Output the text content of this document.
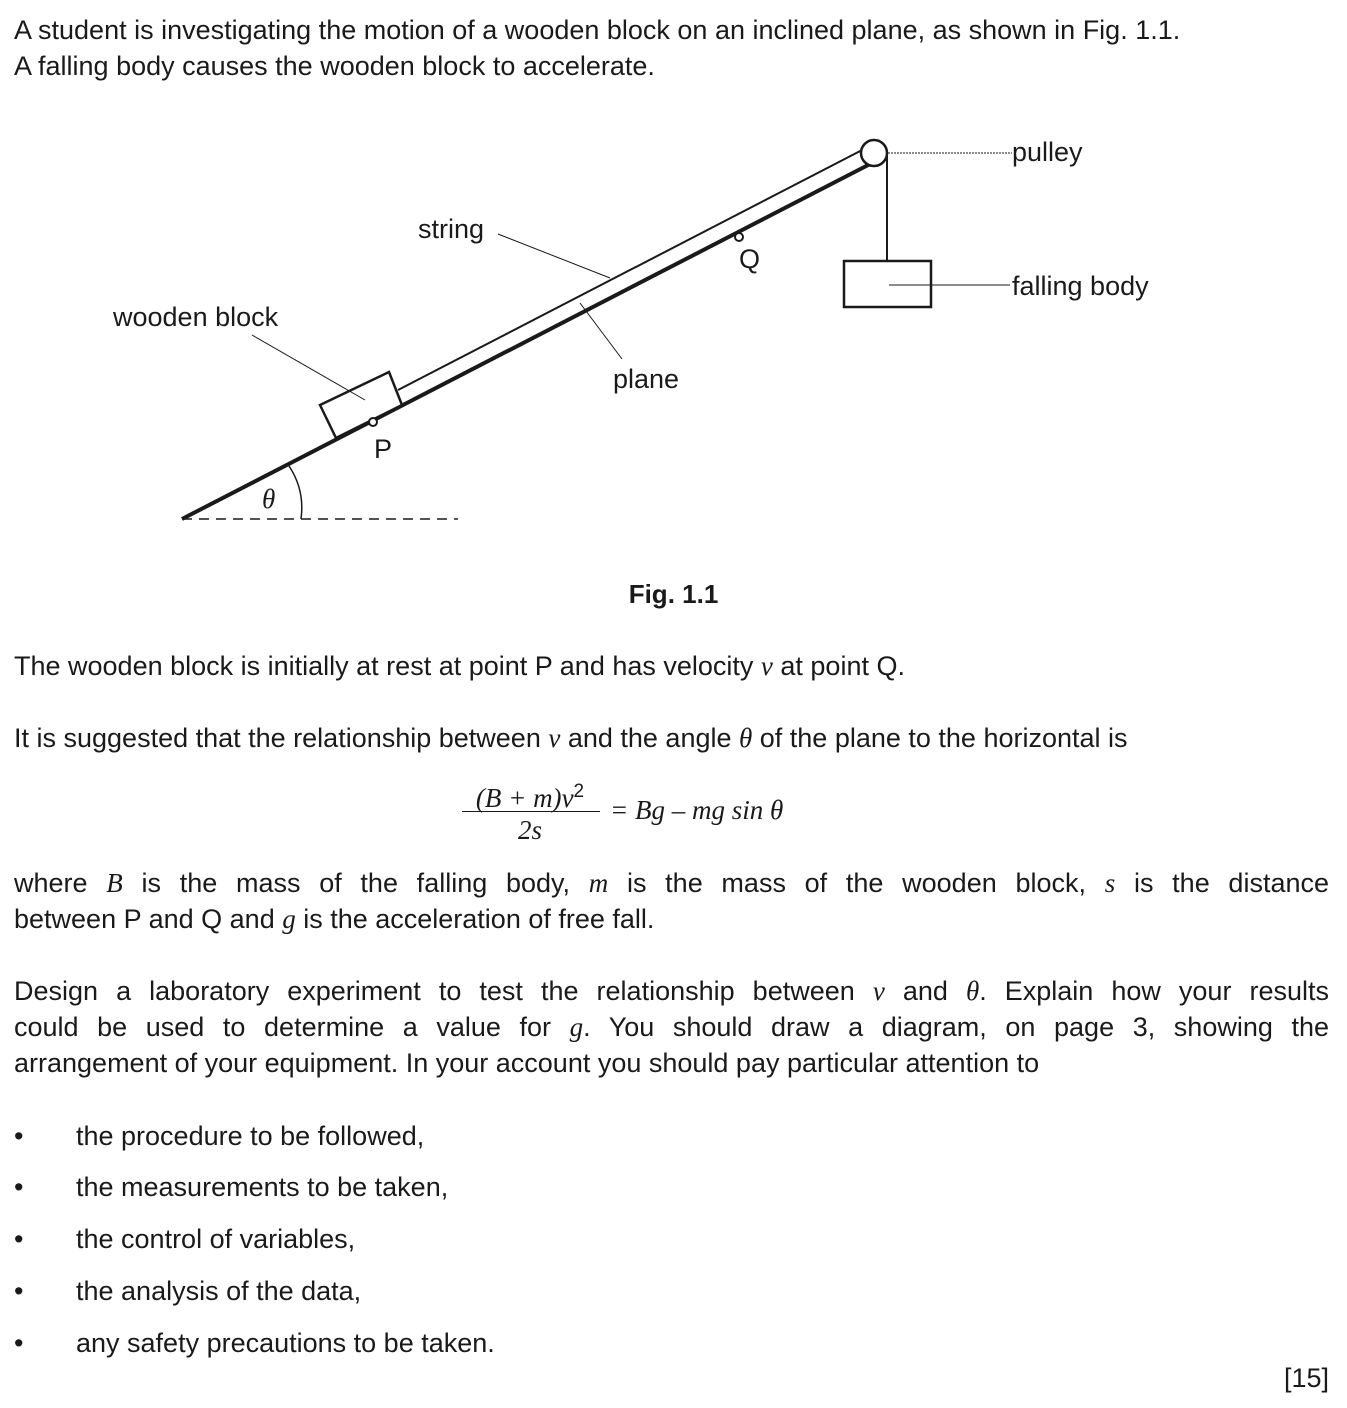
A student is investigating the motion of a wooden block on an inclined plane, as shown in Fig. 1.1.
A falling body causes the wooden block to accelerate.
pulley
string
Q
falling body
wooden block
plane
P
θ
Fig. 1.1
The wooden block is initially at rest at point P and has velocity v at point Q.
It is suggested that the relationship between v and the angle θ of the plane to the horizontal is
$(B + m)v^2$
2s
= Bg – mg sin θ
where B is the mass of the falling body, m is the mass of the wooden block, s is the distance
between P and Q and g is the acceleration of free fall.
Design a laboratory experiment to test the relationship between v and θ. Explain how your results
could be used to determine a value for g. You should draw a diagram, on page 3, showing the
arrangement of your equipment. In your account you should pay particular attention to
• the procedure to be followed,
• the measurements to be taken,
• the control of variables,
• the analysis of the data,
• any safety precautions to be taken.
[15]
